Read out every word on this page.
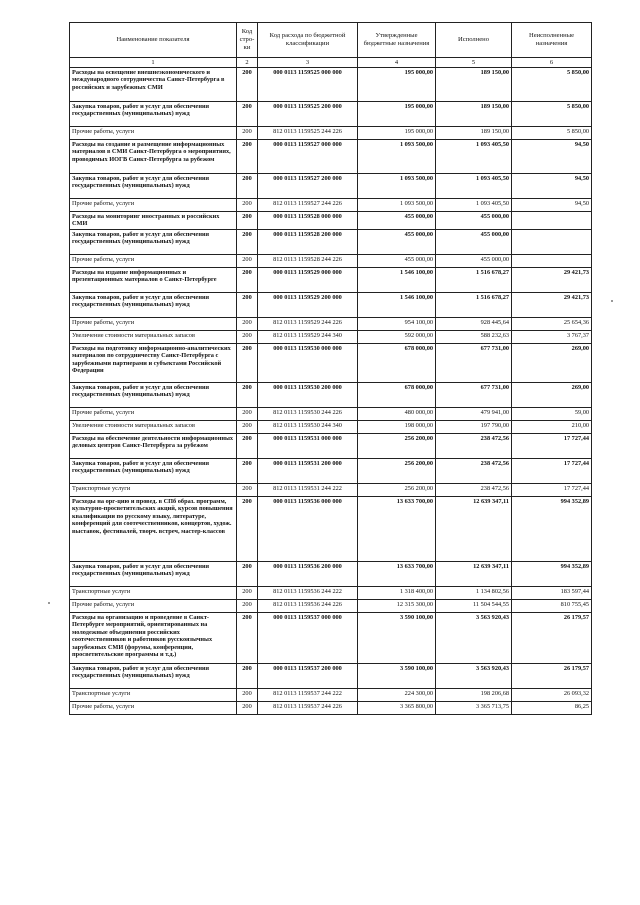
Наименование показателя	Код стро-ки	Код расхода по бюджетной классификации	Утвержденные бюджетные назначения	Исполнено	Неисполненные назначения
1	2	3	4	5	6
Расходы на освещение внешнеэкономического и международного сотрудничества Санкт-Петербурга в российских и зарубежных СМИ	200	000 0113 1159525 000 000	195 000,00	189 150,00	5 850,00
Закупка товаров, работ и услуг для обеспечения государственных (муниципальных) нужд	200	000 0113 1159525 200 000	195 000,00	189 150,00	5 850,00
Прочие работы, услуги	200	812 0113 1159525 244 226	195 000,00	189 150,00	5 850,00
Расходы на создание и размещение информационных материалов в СМИ Санкт-Петербурга о мероприятиях, проводимых ИОГВ Санкт-Петербурга за рубежом	200	000 0113 1159527 000 000	1 093 500,00	1 093 405,50	94,50
Закупка товаров, работ и услуг для обеспечения государственных (муниципальных) нужд	200	000 0113 1159527 200 000	1 093 500,00	1 093 405,50	94,50
Прочие работы, услуги	200	812 0113 1159527 244 226	1 093 500,00	1 093 405,50	94,50
Расходы на мониторинг иностранных и российских СМИ	200	000 0113 1159528 000 000	455 000,00	455 000,00	
Закупка товаров, работ и услуг для обеспечения государственных (муниципальных) нужд	200	000 0113 1159528 200 000	455 000,00	455 000,00	
Прочие работы, услуги	200	812 0113 1159528 244 226	455 000,00	455 000,00	
Расходы на издание информационных и презентационных материалов о Санкт-Петербурге	200	000 0113 1159529 000 000	1 546 100,00	1 516 678,27	29 421,73
Закупка товаров, работ и услуг для обеспечения государственных (муниципальных) нужд	200	000 0113 1159529 200 000	1 546 100,00	1 516 678,27	29 421,73
Прочие работы, услуги	200	812 0113 1159529 244 226	954 100,00	928 445,64	25 654,36
Увеличение стоимости материальных запасов	200	812 0113 1159529 244 340	592 000,00	588 232,63	3 767,37
Расходы на подготовку информационно-аналитических материалов по сотрудничеству Санкт-Петербурга с зарубежными партнерами и субъектами Российской Федерации	200	000 0113 1159530 000 000	678 000,00	677 731,00	269,00
Закупка товаров, работ и услуг для обеспечения государственных (муниципальных) нужд	200	000 0113 1159530 200 000	678 000,00	677 731,00	269,00
Прочие работы, услуги	200	812 0113 1159530 244 226	480 000,00	479 941,00	59,00
Увеличение стоимости материальных запасов	200	812 0113 1159530 244 340	198 000,00	197 790,00	210,00
Расходы на обеспечение деятельности информационных деловых центров Санкт-Петербурга за рубежом	200	000 0113 1159531 000 000	256 200,00	238 472,56	17 727,44
Закупка товаров, работ и услуг для обеспечения государственных (муниципальных) нужд	200	000 0113 1159531 200 000	256 200,00	238 472,56	17 727,44
Транспортные услуги	200	812 0113 1159531 244 222	256 200,00	238 472,56	17 727,44
Расходы на орг-цию и провед. в СПб образ. программ, культурно-просветительских акций, курсов повышения квалификации по русскому языку, литературе, конференций для соотечественников, концертов, худож. выставок, фестивалей, творч. встреч, мастер-классов	200	000 0113 1159536 000 000	13 633 700,00	12 639 347,11	994 352,89
Закупка товаров, работ и услуг для обеспечения государственных (муниципальных) нужд	200	000 0113 1159536 200 000	13 633 700,00	12 639 347,11	994 352,89
Транспортные услуги	200	812 0113 1159536 244 222	1 318 400,00	1 134 802,56	183 597,44
Прочие работы, услуги	200	812 0113 1159536 244 226	12 315 300,00	11 504 544,55	810 755,45
Расходы на организацию и проведение в Санкт-Петербурге мероприятий, ориентированных на молодежные объединения российских соотечественников и работников русскоязычных зарубежных СМИ (форумы, конференции, просветительские программы и т.д.)	200	000 0113 1159537 000 000	3 590 100,00	3 563 920,43	26 179,57
Закупка товаров, работ и услуг для обеспечения государственных (муниципальных) нужд	200	000 0113 1159537 200 000	3 590 100,00	3 563 920,43	26 179,57
Транспортные услуги	200	812 0113 1159537 244 222	224 300,00	198 206,68	26 093,32
Прочие работы, услуги	200	812 0113 1159537 244 226	3 365 800,00	3 365 713,75	86,25
